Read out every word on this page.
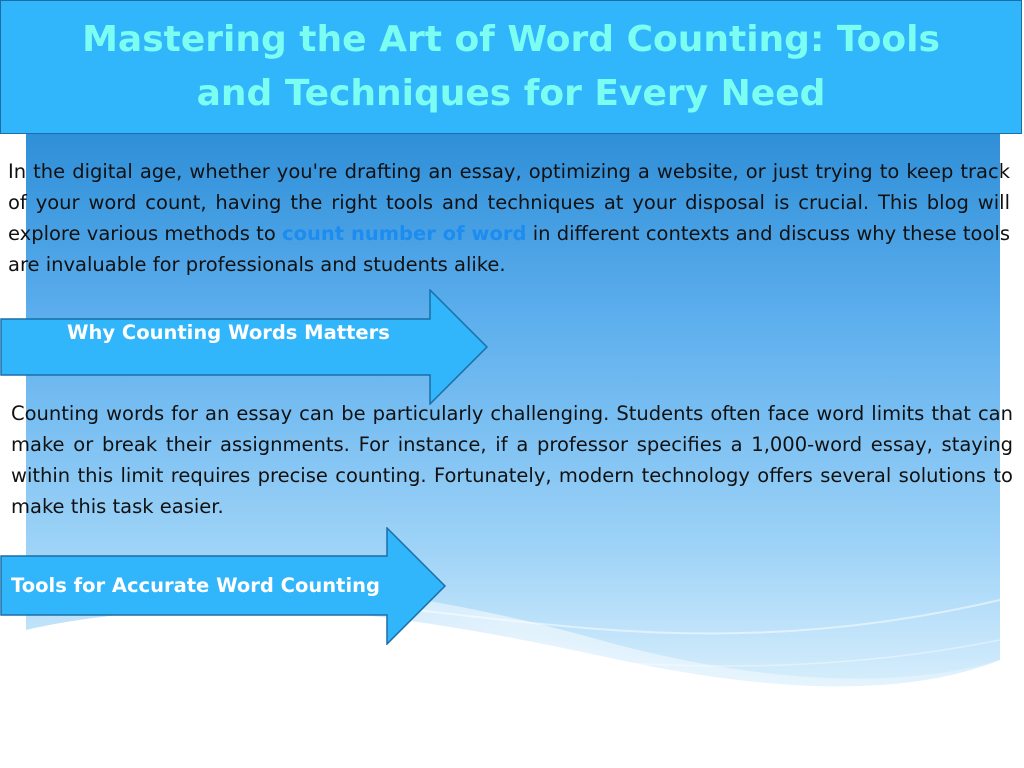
Mastering the Art of Word Counting: Tools and Techniques for Every Need

In the digital age, whether you're drafting an essay, optimizing a website, or just trying to keep track of your word count, having the right tools and techniques at your disposal is crucial. This blog will explore various methods to count number of word in different contexts and discuss why these tools are invaluable for professionals and students alike.

Why Counting Words Matters

Counting words for an essay can be particularly challenging. Students often face word limits that can make or break their assignments. For instance, if a professor specifies a 1,000-word essay, staying within this limit requires precise counting. Fortunately, modern technology offers several solutions to make this task easier.

Tools for Accurate Word Counting
